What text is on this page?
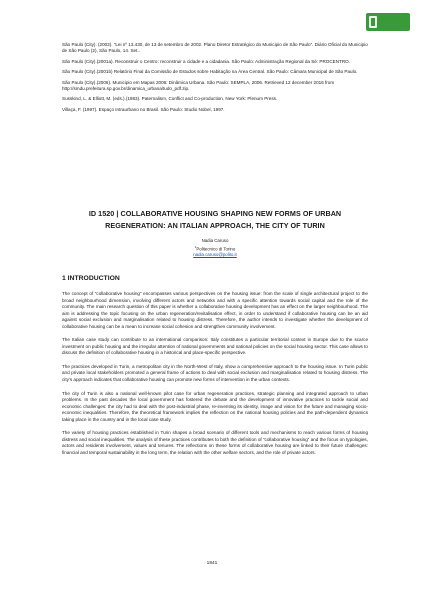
São Paulo (City). (2002). “Lei nº 13.430, de 13 de setembro de 2002. Plano Diretor Estratégico do Municipio de São Paulo”. Diário Oficial do Municipio de São Paulo (2), São Paulo, 14. Set..

São Paulo (City).(2001a). Reconstruir o Centro: reconstruir a cidade e a cidadania. São Paulo: Administração Regional da Sé: PROCENTRO.

São Paulo (City).(2001b) Relatório Final da Comissão de Estudos sobre Habitação na Área Central. São Paulo: Câmara Municipal de São Paulo.

São Paulo (City).(2006). Municipio em Mapas 2006: Dinâmica Urbana. São Paulo: SEMPLA, 2006. Retrieved 12 december 2016 from http://smdu.prefeitura.sp.gov.br/dinamica_urbana/tudo_pdf.zip.

Susskind, L. & Elliott, M. (eds.).(1983). Paternalism, Conflict and Co-production. New York: Plenum Press.

Villaça, F. (1997). Espaço Intraurbano no Brasil. São Paulo: Studio Nobel, 1997.

ID 1520 | COLLABORATIVE HOUSING SHAPING NEW FORMS OF URBAN
REGENERATION: AN ITALIAN APPROACH, THE CITY OF TURIN
Nadia Caruso
$^1$Politecnico di Torino
nadia.caruso@polito.it
1 INTRODUCTION

The concept of “collaborative housing” encompasses various perspectives on the housing issue: from the scale of single architectural project to the broad neighbourhood dimension, involving different actors and networks and with a specific attention towards social capital and the role of the community. The main research question of this paper is whether a collaborative housing development has an effect on the larger neighbourhood. The aim is addressing the topic focusing on the urban regeneration/revitalisation effect, in order to understand if collaborative housing can be an aid against social exclusion and marginalisation related to housing distress. Therefore, the author intends to investigate whether the development of collaborative housing can be a mean to increase social cohesion and strengthen community involvement.

The Italian case study can contribute to an international comparison: Italy constitutes a particular territorial context in Europe due to the scarce investment on public housing and the irregular attention of national governments and national policies on the social housing sector. This case allows to discuss the definition of collaborative housing in a historical and place-specific perspective.

The practices developed in Turin, a metropolitan city in the North-West of Italy, show a comprehensive approach to the housing issue. In Turin public and private local stakeholders promoted a general frame of actions to deal with social exclusion and marginalisation related to housing distress. The city’s approach indicates that collaborative housing can promote new forms of intervention in the urban contexts.

The city of Turin is also a national well-known pilot case for urban regeneration practices, strategic planning and integrated approach to urban problems. In the past decades the local government has fostered the debate and the development of innovative practices to tackle social and economic challenges: the city had to deal with the post-industrial phase, re-inventing its identity, image and vision for the future and managing socio-economic inequalities. Therefore, the theoretical framework implies the reflection on the national housing policies and the path-dependent dynamics taking place in the country and in the local case study.

The variety of housing practices established in Turin shapes a broad scenario of different tools and mechanisms to reach various forms of housing distress and social inequalities. The analysis of these practices contributes to both the definition of “collaborative housing” and the focus on typologies, actors and residents involvement, values and tenures. The reflections on these forms of collaborative housing are linked to their future challenges: financial and temporal sustainability in the long term, the relation with the other welfare sectors, and the role of private actors.

1841
